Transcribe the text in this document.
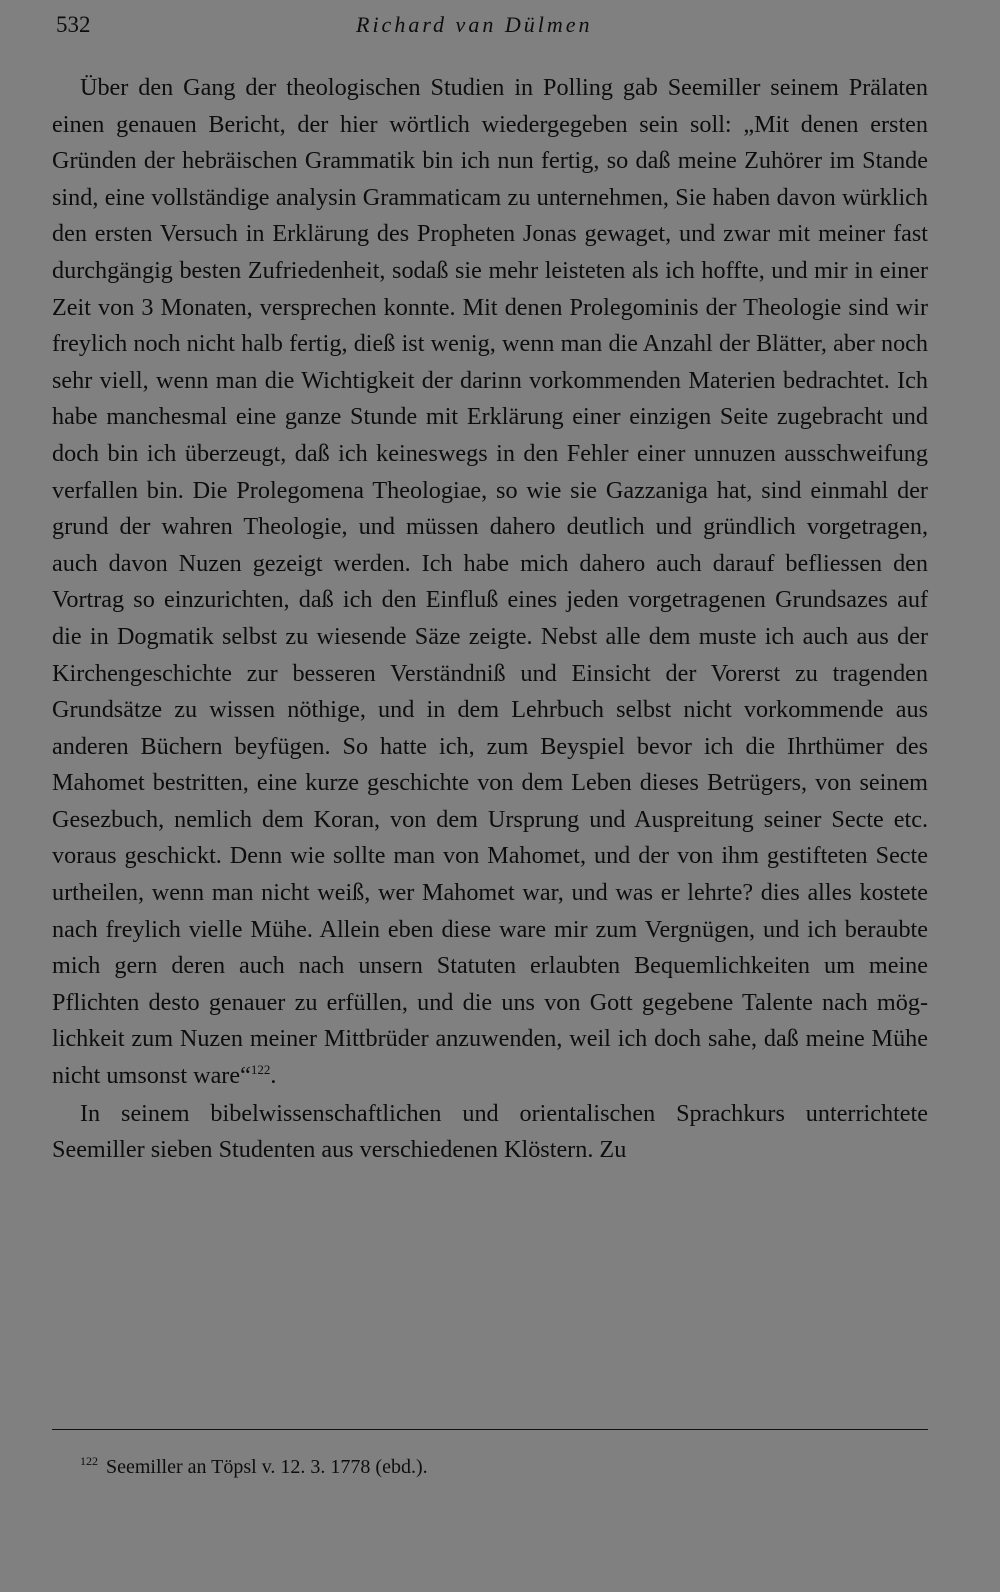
532	Richard van Dülmen

Über den Gang der theologischen Studien in Polling gab Seemiller seinem Prälaten einen genauen Bericht, der hier wörtlich wiedergegeben sein soll: „Mit denen ersten Gründen der hebräischen Grammatik bin ich nun fertig, so daß meine Zuhörer im Stande sind, eine vollständige analysin Grammaticam zu unternehmen, Sie haben davon würklich den ersten Versuch in Erklärung des Propheten Jonas gewaget, und zwar mit meiner fast durchgängig besten Zufriedenheit, sodaß sie mehr leisteten als ich hoffte, und mir in einer Zeit von 3 Monaten, versprechen konnte. Mit denen Prolegominis der Theologie sind wir freylich noch nicht halb fertig, dieß ist wenig, wenn man die Anzahl der Blätter, aber noch sehr viell, wenn man die Wichtigkeit der darinn vorkommenden Materien bedrachtet. Ich habe manchesmal eine ganze Stunde mit Erklärung einer einzigen Seite zugebracht und doch bin ich überzeugt, daß ich keineswegs in den Fehler einer unnuzen ausschweifung verfallen bin. Die Prolegomena Theologiae, so wie sie Gazzaniga hat, sind einmahl der grund der wahren Theologie, und müssen dahero deutlich und gründlich vorgetragen, auch davon Nuzen gezeigt werden. Ich habe mich dahero auch darauf befliessen den Vortrag so einzurichten, daß ich den Einfluß eines jeden vorgetragenen Grundsazes auf die in Dogmatik selbst zu wiesende Säze zeigte. Nebst alle dem muste ich auch aus der Kirchengeschichte zur besseren Verständniß und Einsicht der Vorerst zu tragenden Grundsätze zu wissen nöthige, und in dem Lehrbuch selbst nicht vorkommende aus anderen Büchern beyfügen. So hatte ich, zum Beyspiel bevor ich die Ihrthümer des Mahomet bestritten, eine kurze geschichte von dem Leben dieses Betrügers, von seinem Gesezbuch, nemlich dem Koran, von dem Ursprung und Auspreitung seiner Secte etc. voraus geschickt. Denn wie sollte man von Mahomet, und der von ihm gestifteten Secte urtheilen, wenn man nicht weiß, wer Mahomet war, und was er lehrte? dies alles kostete nach freylich vielle Mühe. Allein eben diese ware mir zum Vergnügen, und ich beraubte mich gern deren auch nach unsern Statuten erlaubten Bequemlichkeiten um meine Pflichten desto genauer zu erfüllen, und die uns von Gott gegebene Talente nach möglichkeit zum Nuzen meiner Mittbrüder anzuwenden, weil ich doch sahe, daß meine Mühe nicht umsonst ware“$^{122}$.

In seinem bibelwissenschaftlichen und orientalischen Sprachkurs unterrichtete Seemiller sieben Studenten aus verschiedenen Klöstern. Zu

$^{122}$ Seemiller an Töpsl v. 12. 3. 1778 (ebd.).
